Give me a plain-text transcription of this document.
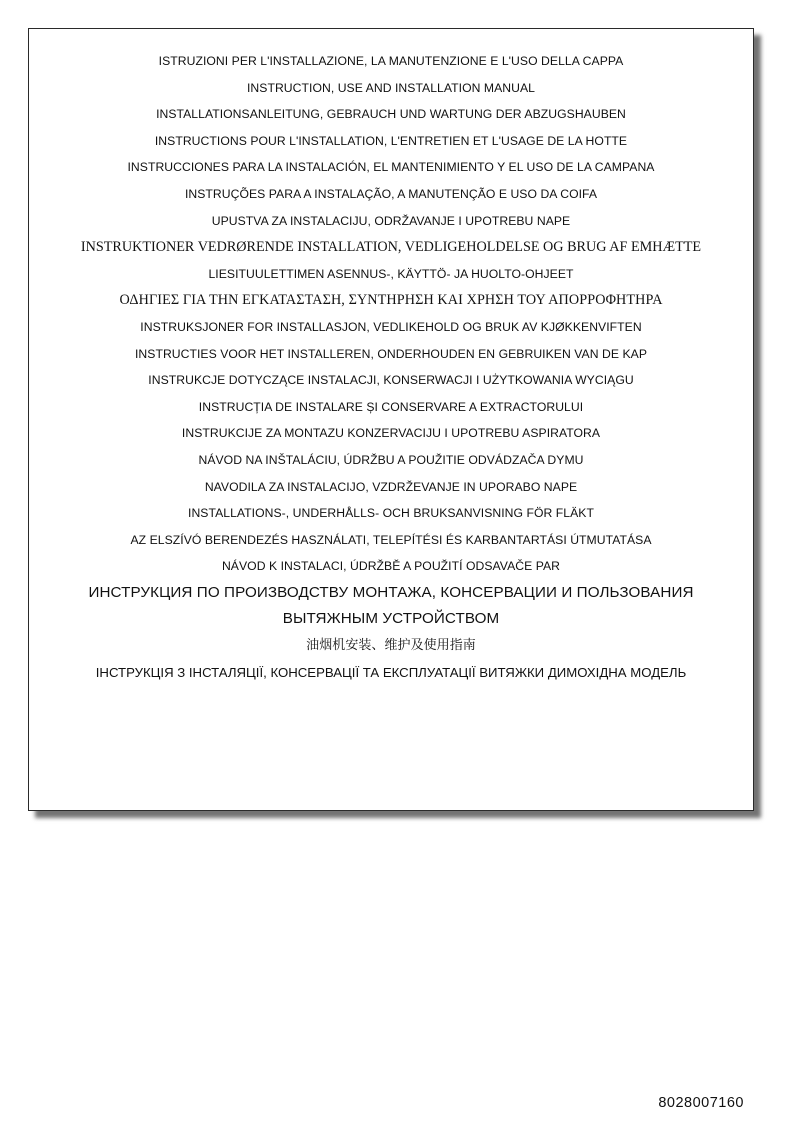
ISTRUZIONI PER L'INSTALLAZIONE, LA MANUTENZIONE E L'USO DELLA CAPPA
INSTRUCTION, USE AND INSTALLATION MANUAL
INSTALLATIONSANLEITUNG, GEBRAUCH UND WARTUNG DER ABZUGSHAUBEN
INSTRUCTIONS POUR L'INSTALLATION, L'ENTRETIEN ET L'USAGE DE LA HOTTE
INSTRUCCIONES PARA LA INSTALACIÓN, EL MANTENIMIENTO Y EL USO DE LA CAMPANA
INSTRUÇÕES PARA A INSTALAÇÃO, A MANUTENÇÃO E USO DA COIFA
UPUSTVA ZA INSTALACIJU, ODRŽAVANJE I UPOTREBU NAPE
INSTRUKTIONER VEDRØRENDE INSTALLATION, VEDLIGEHOLDELSE OG BRUG AF EMHÆTTE
LIESITUULETTIMEN ASENNUS-, KÄYTTÖ- JA HUOLTO-OHJEET
ΟΔΗΓΙΕΣ ΓΙΑ ΤΗΝ ΕΓΚΑΤΑΣΤΑΣΗ, ΣΥΝΤΗΡΗΣΗ ΚΑΙ ΧΡΗΣΗ ΤΟΥ ΑΠΟΡΡΟΦΗΤΗΡΑ
INSTRUKSJONER FOR INSTALLASJON, VEDLIKEHOLD OG BRUK AV KJØKKENVIFTEN
INSTRUCTIES VOOR HET INSTALLEREN, ONDERHOUDEN EN GEBRUIKEN VAN DE KAP
INSTRUKCJE DOTYCZĄCE INSTALACJI, KONSERWACJI I UŻYTKOWANIA WYCIĄGU
INSTRUCȚIA DE INSTALARE ȘI CONSERVARE A EXTRACTORULUI
INSTRUKCIJE ZA MONTAZU KONZERVACIJU I UPOTREBU ASPIRATORA
NÁVOD NA INŠTALÁCIU, ÚDRŽBU A POUŽITIE ODVÁDZAČA DYMU
NAVODILA ZA INSTALACIJO, VZDRŽEVANJE IN UPORABO NAPE
INSTALLATIONS-, UNDERHÅLLS- OCH BRUKSANVISNING FÖR FLÄKT
AZ ELSZÍVÓ BERENDEZÉS HASZNÁLATI, TELEPÍTÉSI ÉS KARBANTARTÁSI ÚTMUTATÁSA
NÁVOD K INSTALACI, ÚDRŽBĚ A POUŽITÍ ODSAVAČE PAR
ИНСТРУКЦИЯ ПО ПРОИЗВОДСТВУ МОНТАЖА, КОНСЕРВАЦИИ И ПОЛЬЗОВАНИЯ
ВЫТЯЖНЫМ УСТРОЙСТВОМ
油烟机安装、维护及使用指南
ІНСТРУКЦІЯ З ІНСТАЛЯЦІЇ, КОНСЕРВАЦІЇ ТА ЕКСПЛУАТАЦІЇ ВИТЯЖКИ ДИМОХІДНА МОДЕЛЬ
8028007160
